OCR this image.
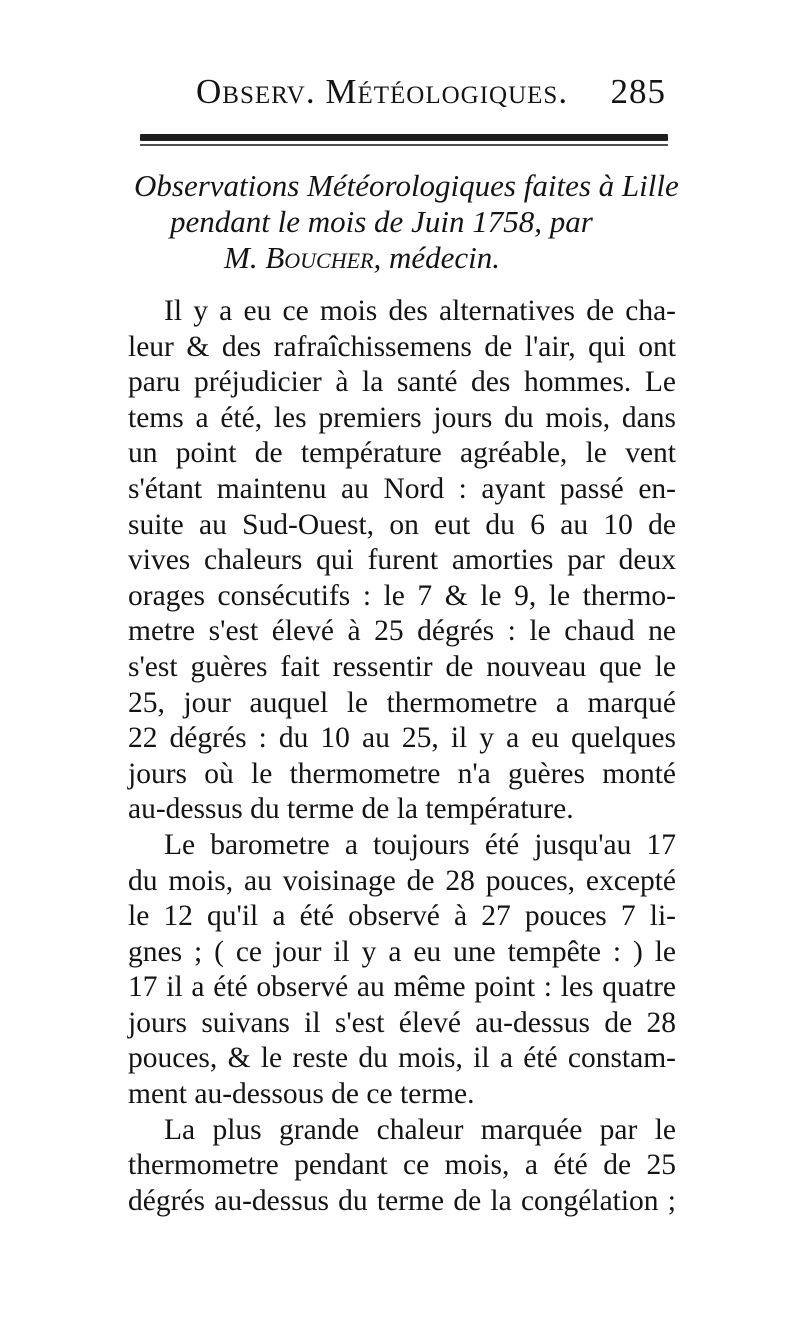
Observ. Météologiques. 285
Observations Météorologiques faites à Lille
pendant le mois de Juin 1758, par
M. Boucher, médecin.
Il y a eu ce mois des alternatives de cha-
leur & des rafraîchissemens de l'air, qui ont
paru préjudicier à la santé des hommes. Le
tems a été, les premiers jours du mois, dans
un point de température agréable, le vent
s'étant maintenu au Nord : ayant passé en-
suite au Sud-Ouest, on eut du 6 au 10 de
vives chaleurs qui furent amorties par deux
orages consécutifs : le 7 & le 9, le thermo-
metre s'est élevé à 25 dégrés : le chaud ne
s'est guères fait ressentir de nouveau que le
25, jour auquel le thermometre a marqué
22 dégrés : du 10 au 25, il y a eu quelques
jours où le thermometre n'a guères monté
au-dessus du terme de la température.
Le barometre a toujours été jusqu'au 17
du mois, au voisinage de 28 pouces, excepté
le 12 qu'il a été observé à 27 pouces 7 li-
gnes ; ( ce jour il y a eu une tempête : ) le
17 il a été observé au même point : les quatre
jours suivans il s'est élevé au-dessus de 28
pouces, & le reste du mois, il a été constam-
ment au-dessous de ce terme.
La plus grande chaleur marquée par le
thermometre pendant ce mois, a été de 25
dégrés au-dessus du terme de la congélation ;
